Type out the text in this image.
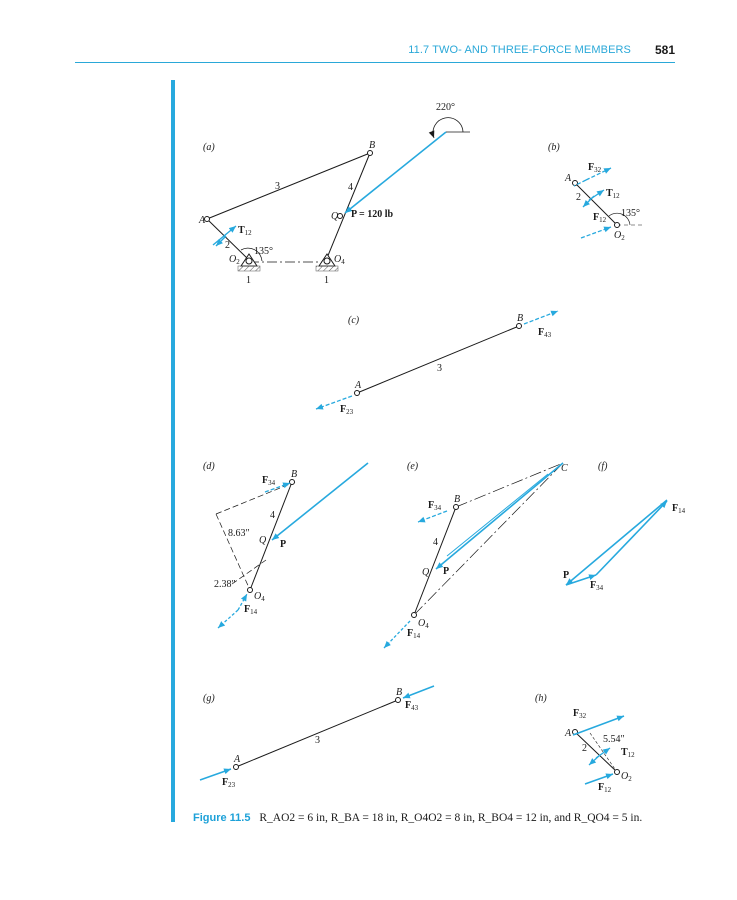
11.7 TWO- AND THREE-FORCE MEMBERS 581
(a)
220°
A
B
Q
3	4
2
P = 120 lb
T12
135°
O2	O4
1	1
(b)
A
2
F32
T12
F12
135°
O2
(c)
A
B
3
F43
F23
(d)
B
Q P
4
8.63″
2.38″
F34
O4
F14
(e)
B
C
Q P
4
F34
O4
F14
(f)
P
F14
F34
(g)
A
B
3
F43
F23
(h)
A
2
5.54″
F32
T12
F12
O2
Figure 11.5 R_AO2 = 6 in, R_BA = 18 in, R_O4O2 = 8 in, R_BO4 = 12 in, and R_QO4 = 5 in.
